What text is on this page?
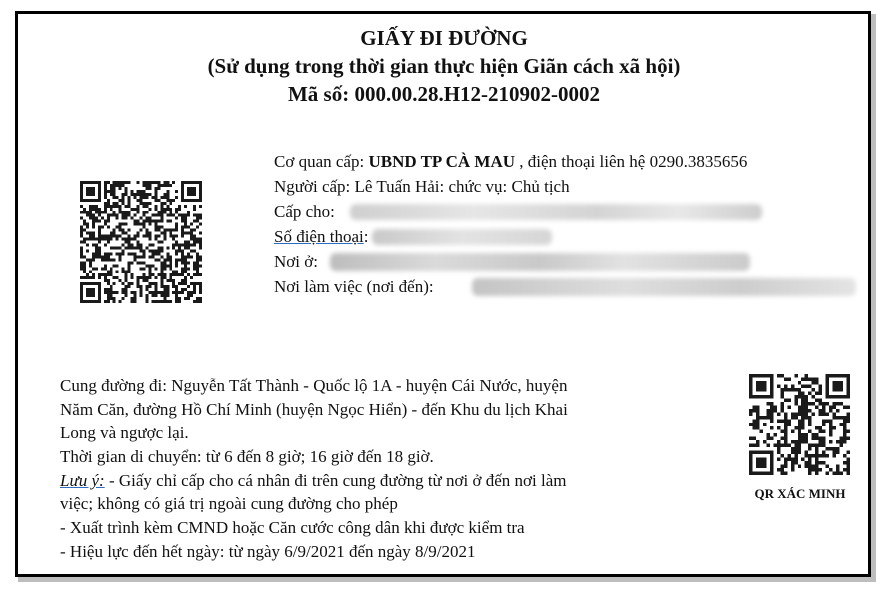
GIẤY ĐI ĐƯỜNG
(Sử dụng trong thời gian thực hiện Giãn cách xã hội)
Mã số: 000.00.28.H12-210902-0002
Cơ quan cấp: UBND TP CÀ MAU , điện thoại liên hệ 0290.3835656
Người cấp: Lê Tuấn Hải: chức vụ: Chủ tịch
Cấp cho:
Số điện thoại:
Nơi ở:
Nơi làm việc (nơi đến):
Cung đường đi: Nguyễn Tất Thành - Quốc lộ 1A - huyện Cái Nước, huyện
Năm Căn, đường Hồ Chí Minh (huyện Ngọc Hiển) - đến Khu du lịch Khai
Long và ngược lại.
Thời gian di chuyển: từ 6 đến 8 giờ; 16 giờ đến 18 giờ.
Lưu ý: - Giấy chỉ cấp cho cá nhân đi trên cung đường từ nơi ở đến nơi làm
việc; không có giá trị ngoài cung đường cho phép
- Xuất trình kèm CMND hoặc Căn cước công dân khi được kiểm tra
- Hiệu lực đến hết ngày: từ ngày 6/9/2021 đến ngày 8/9/2021
QR XÁC MINH
